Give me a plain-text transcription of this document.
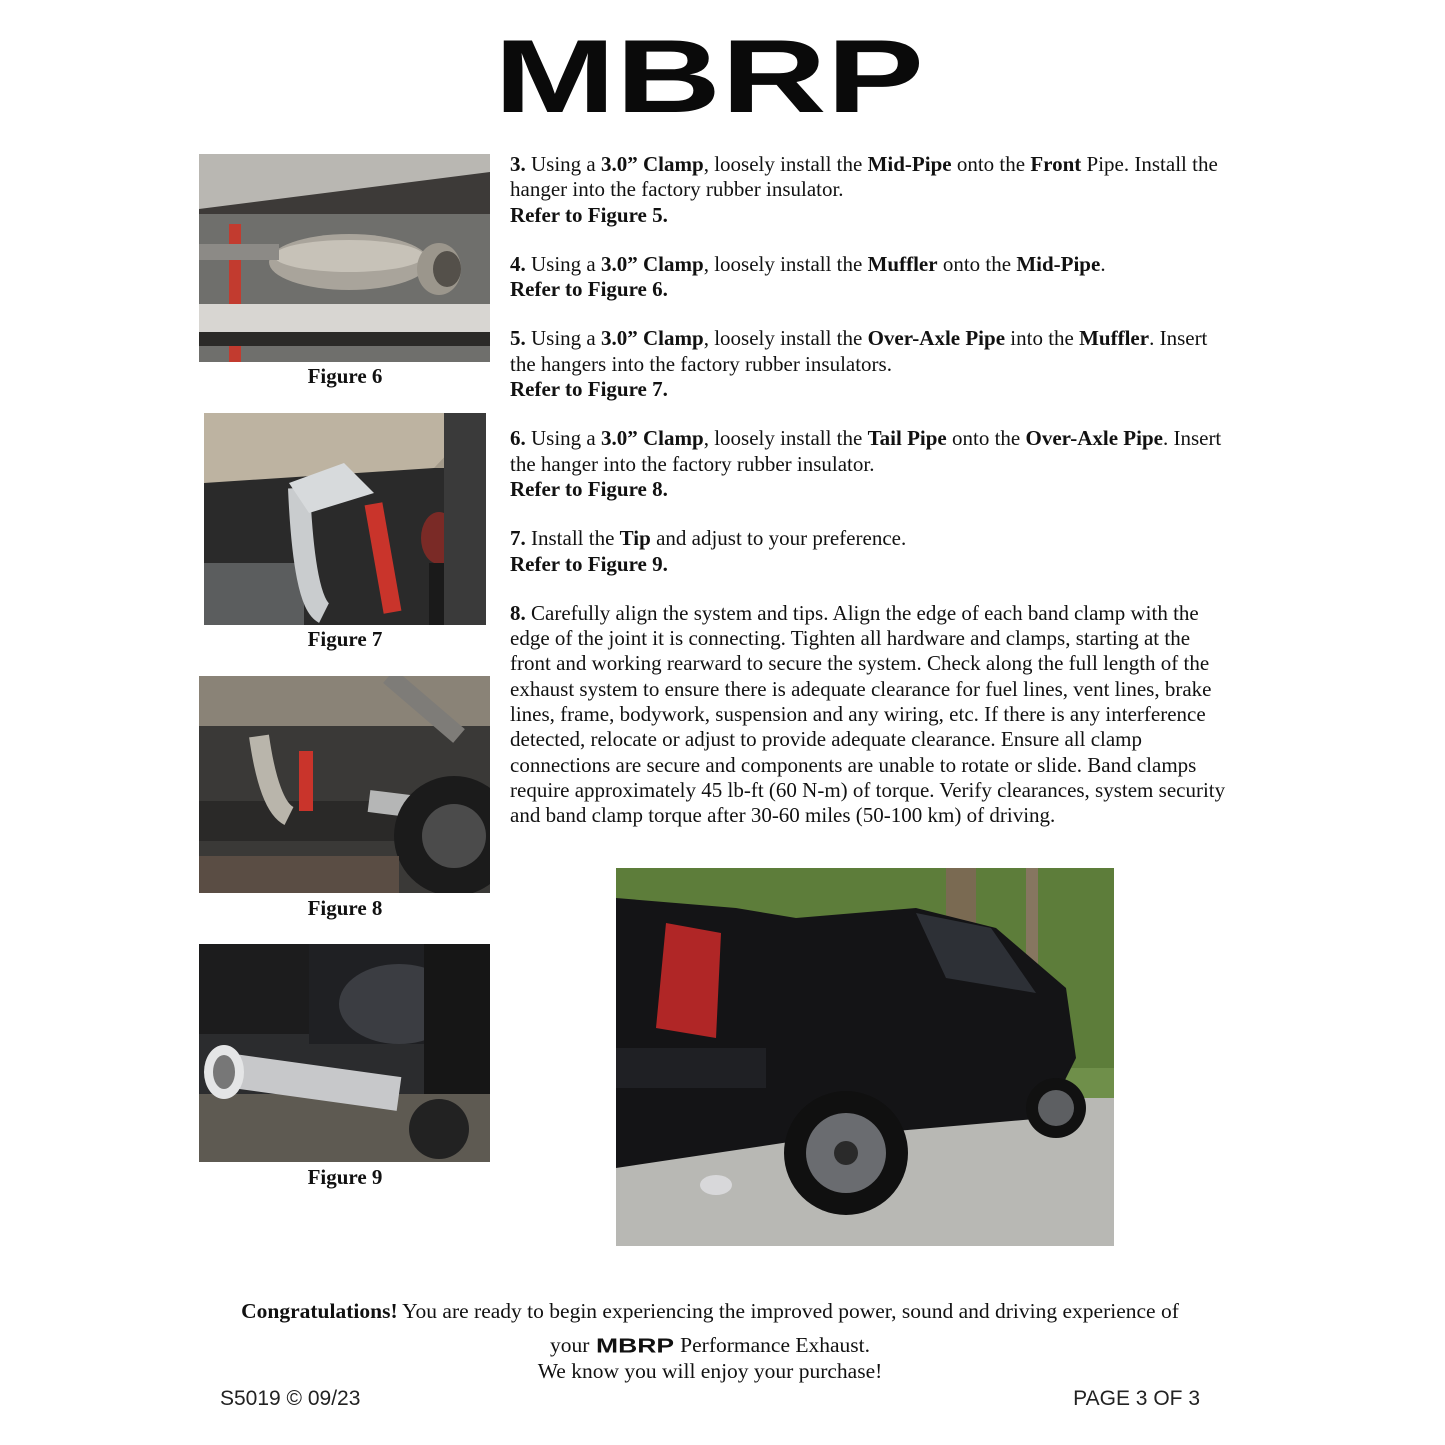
MBRP
Figure 6
Figure 7
Figure 8
Figure 9
3. Using a 3.0” Clamp, loosely install the Mid-Pipe onto the Front Pipe. Install the hanger into the factory rubber insulator.
Refer to Figure 5.
4. Using a 3.0” Clamp, loosely install the Muffler onto the Mid-Pipe.
Refer to Figure 6.
5. Using a 3.0” Clamp, loosely install the Over-Axle Pipe into the Muffler. Insert the hangers into the factory rubber insulators.
Refer to Figure 7.
6. Using a 3.0” Clamp, loosely install the Tail Pipe onto the Over-Axle Pipe. Insert the hanger into the factory rubber insulator.
Refer to Figure 8.
7. Install the Tip and adjust to your preference.
Refer to Figure 9.
8. Carefully align the system and tips. Align the edge of each band clamp with the edge of the joint it is connecting. Tighten all hardware and clamps, starting at the front and working rearward to secure the system. Check along the full length of the exhaust system to ensure there is adequate clearance for fuel lines, vent lines, brake lines, frame, bodywork, suspension and any wiring, etc. If there is any interference detected, relocate or adjust to provide adequate clearance. Ensure all clamp connections are secure and components are unable to rotate or slide. Band clamps require approximately 45 lb-ft (60 N-m) of torque. Verify clearances, system security and band clamp torque after 30-60 miles (50-100 km) of driving.
Congratulations! You are ready to begin experiencing the improved power, sound and driving experience of
your MBRP Performance Exhaust.
We know you will enjoy your purchase!
S5019 © 09/23	PAGE 3 OF 3
